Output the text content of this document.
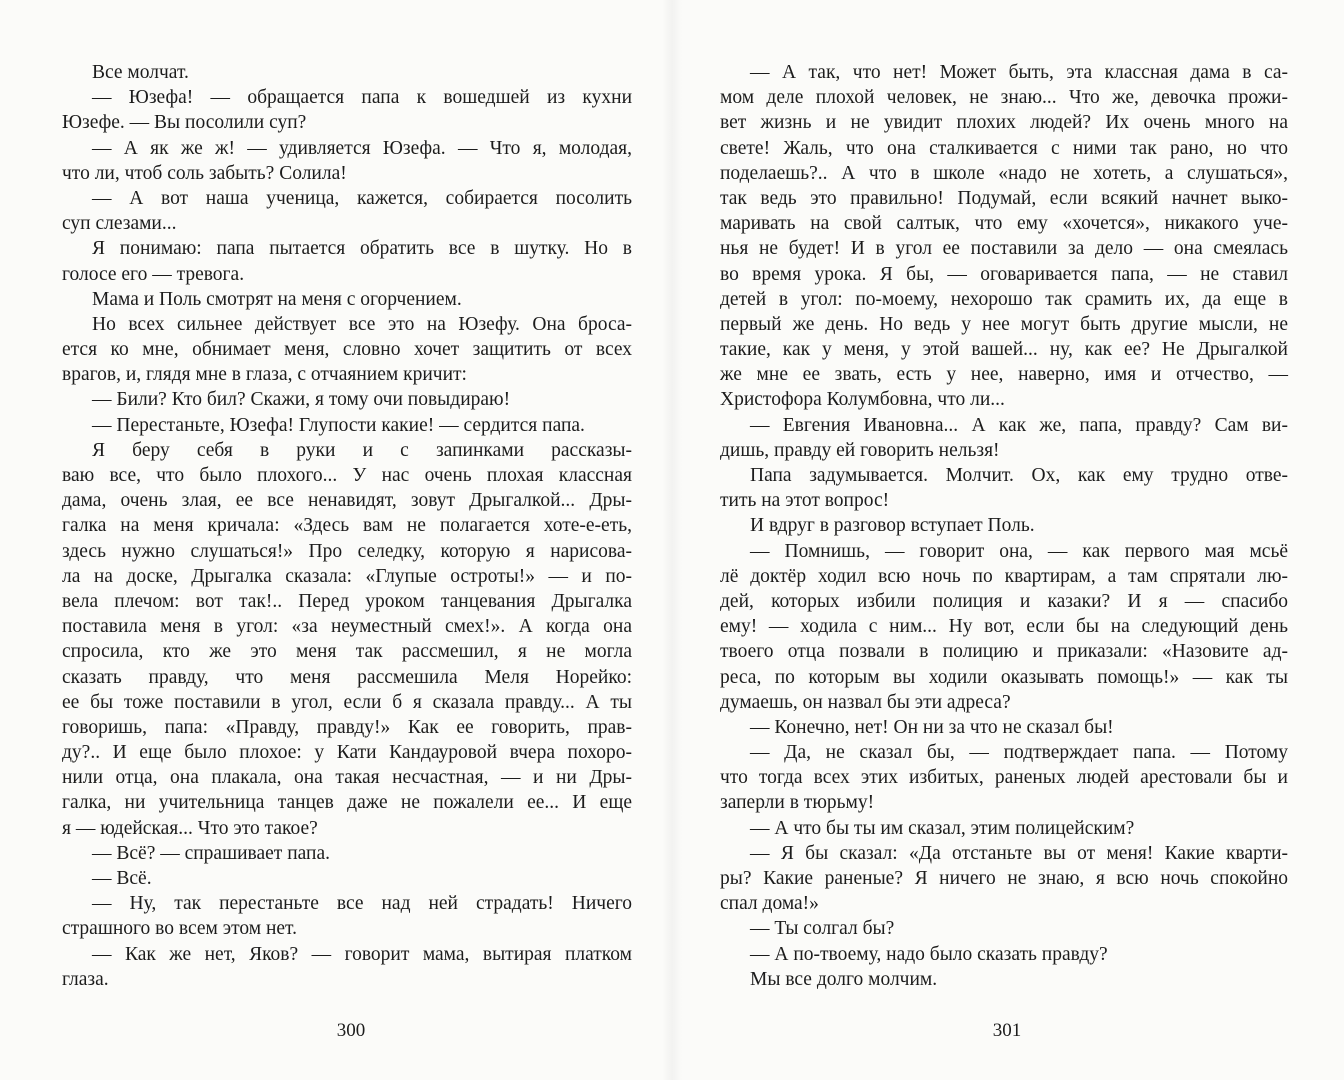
Все молчат.
— Юзефа! — обращается папа к вошедшей из кухни
Юзефе. — Вы посолили суп?
— А як же ж! — удивляется Юзефа. — Что я, молодая,
что ли, чтоб соль забыть? Солила!
— А вот наша ученица, кажется, собирается посолить
суп слезами...
Я понимаю: папа пытается обратить все в шутку. Но в
голосе его — тревога.
Мама и Поль смотрят на меня с огорчением.
Но всех сильнее действует все это на Юзефу. Она броса-
ется ко мне, обнимает меня, словно хочет защитить от всех
врагов, и, глядя мне в глаза, с отчаянием кричит:
— Били? Кто бил? Скажи, я тому очи повыдираю!
— Перестаньте, Юзефа! Глупости какие! — сердится папа.
Я беру себя в руки и с запинками рассказы-
ваю все, что было плохого... У нас очень плохая классная
дама, очень злая, ее все ненавидят, зовут Дрыгалкой... Дры-
галка на меня кричала: «Здесь вам не полагается хоте-е-еть,
здесь нужно слушаться!» Про селедку, которую я нарисова-
ла на доске, Дрыгалка сказала: «Глупые остроты!» — и по-
вела плечом: вот так!.. Перед уроком танцевания Дрыгалка
поставила меня в угол: «за неуместный смех!». А когда она
спросила, кто же это меня так рассмешил, я не могла
сказать правду, что меня рассмешила Меля Норейко:
ее бы тоже поставили в угол, если б я сказала правду... А ты
говоришь, папа: «Правду, правду!» Как ее говорить, прав-
ду?.. И еще было плохое: у Кати Кандауровой вчера похоро-
нили отца, она плакала, она такая несчастная, — и ни Дры-
галка, ни учительница танцев даже не пожалели ее... И еще
я — юдейская... Что это такое?
— Всё? — спрашивает папа.
— Всё.
— Ну, так перестаньте все над ней страдать! Ничего
страшного во всем этом нет.
— Как же нет, Яков? — говорит мама, вытирая платком
глаза.
300	301
— А так, что нет! Может быть, эта классная дама в са-
мом деле плохой человек, не знаю... Что же, девочка прожи-
вет жизнь и не увидит плохих людей? Их очень много на
свете! Жаль, что она сталкивается с ними так рано, но что
поделаешь?.. А что в школе «надо не хотеть, а слушаться»,
так ведь это правильно! Подумай, если всякий начнет выко-
маривать на свой салтык, что ему «хочется», никакого уче-
нья не будет! И в угол ее поставили за дело — она смеялась
во время урока. Я бы, — оговаривается папа, — не ставил
детей в угол: по-моему, нехорошо так срамить их, да еще в
первый же день. Но ведь у нее могут быть другие мысли, не
такие, как у меня, у этой вашей... ну, как ее? Не Дрыгалкой
же мне ее звать, есть у нее, наверно, имя и отчество, —
Христофора Колумбовна, что ли...
— Евгения Ивановна... А как же, папа, правду? Сам ви-
дишь, правду ей говорить нельзя!
Папа задумывается. Молчит. Ох, как ему трудно отве-
тить на этот вопрос!
И вдруг в разговор вступает Поль.
— Помнишь, — говорит она, — как первого мая мсьё
лё доктёр ходил всю ночь по квартирам, а там спрятали лю-
дей, которых избили полиция и казаки? И я — спасибо
ему! — ходила с ним... Ну вот, если бы на следующий день
твоего отца позвали в полицию и приказали: «Назовите ад-
реса, по которым вы ходили оказывать помощь!» — как ты
думаешь, он назвал бы эти адреса?
— Конечно, нет! Он ни за что не сказал бы!
— Да, не сказал бы, — подтверждает папа. — Потому
что тогда всех этих избитых, раненых людей арестовали бы и
заперли в тюрьму!
— А что бы ты им сказал, этим полицейским?
— Я бы сказал: «Да отстаньте вы от меня! Какие кварти-
ры? Какие раненые? Я ничего не знаю, я всю ночь спокойно
спал дома!»
— Ты солгал бы?
— А по-твоему, надо было сказать правду?
Мы все долго молчим.
